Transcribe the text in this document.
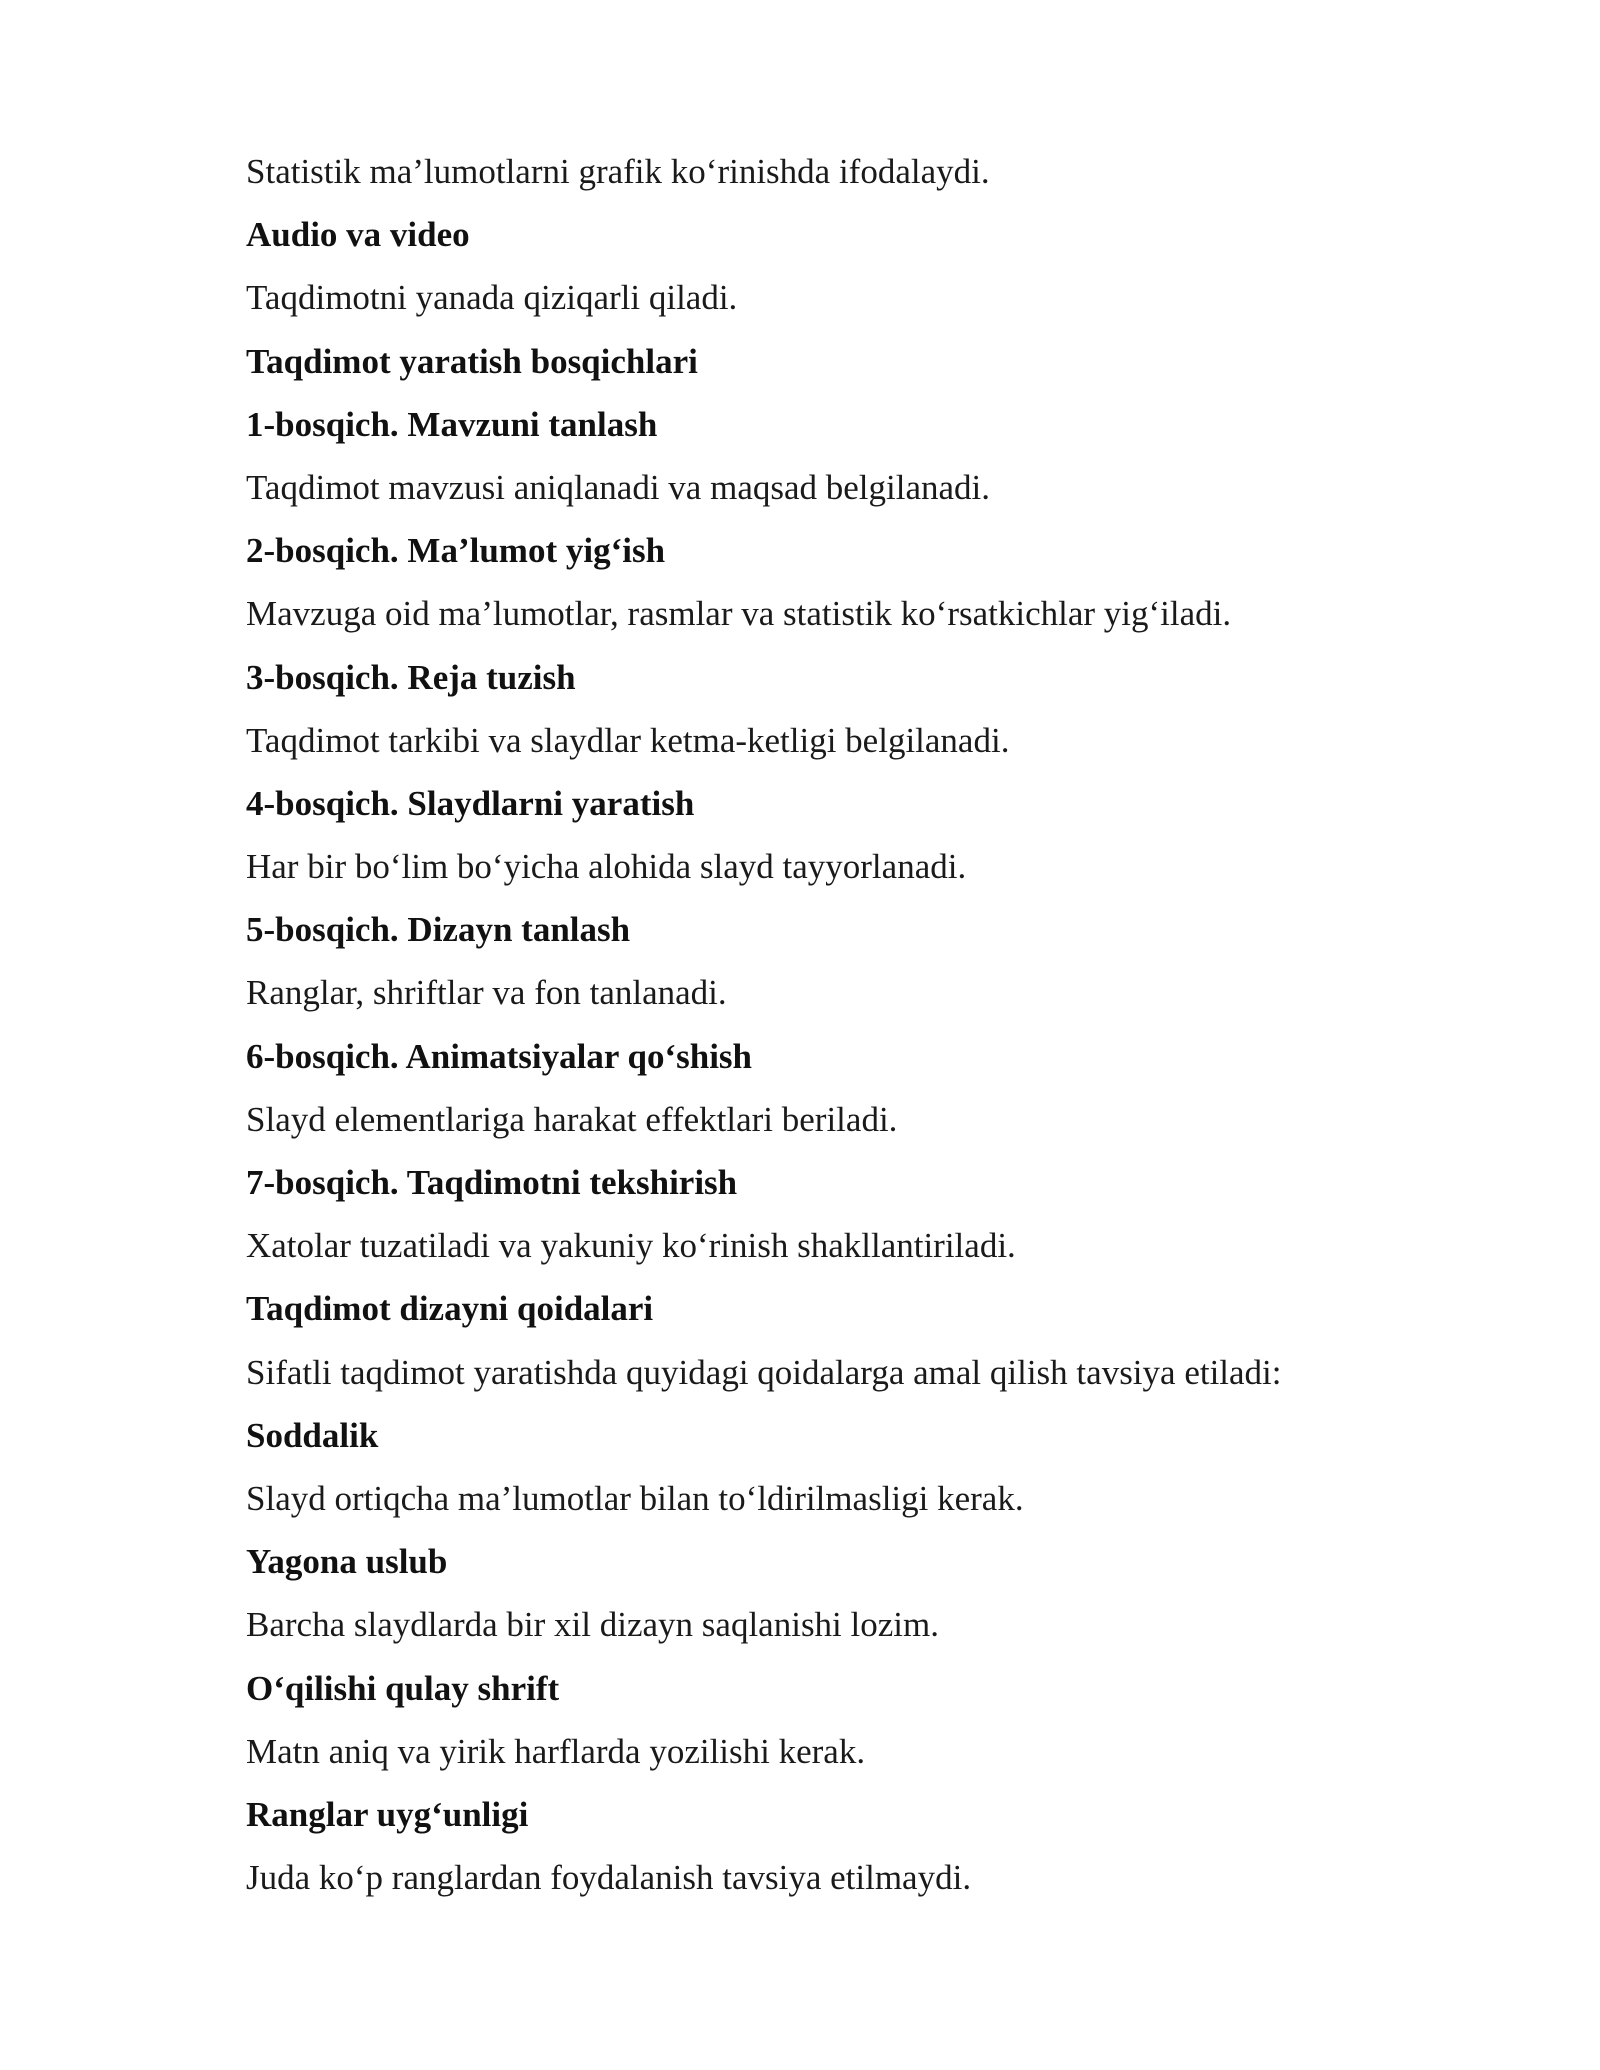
Statistik ma’lumotlarni grafik ko‘rinishda ifodalaydi.
Audio va video
Taqdimotni yanada qiziqarli qiladi.
Taqdimot yaratish bosqichlari
1-bosqich. Mavzuni tanlash
Taqdimot mavzusi aniqlanadi va maqsad belgilanadi.
2-bosqich. Ma’lumot yig‘ish
Mavzuga oid ma’lumotlar, rasmlar va statistik ko‘rsatkichlar yig‘iladi.
3-bosqich. Reja tuzish
Taqdimot tarkibi va slaydlar ketma-ketligi belgilanadi.
4-bosqich. Slaydlarni yaratish
Har bir bo‘lim bo‘yicha alohida slayd tayyorlanadi.
5-bosqich. Dizayn tanlash
Ranglar, shriftlar va fon tanlanadi.
6-bosqich. Animatsiyalar qo‘shish
Slayd elementlariga harakat effektlari beriladi.
7-bosqich. Taqdimotni tekshirish
Xatolar tuzatiladi va yakuniy ko‘rinish shakllantiriladi.
Taqdimot dizayni qoidalari
Sifatli taqdimot yaratishda quyidagi qoidalarga amal qilish tavsiya etiladi:
Soddalik
Slayd ortiqcha ma’lumotlar bilan to‘ldirilmasligi kerak.
Yagona uslub
Barcha slaydlarda bir xil dizayn saqlanishi lozim.
O‘qilishi qulay shrift
Matn aniq va yirik harflarda yozilishi kerak.
Ranglar uyg‘unligi
Juda ko‘p ranglardan foydalanish tavsiya etilmaydi.
